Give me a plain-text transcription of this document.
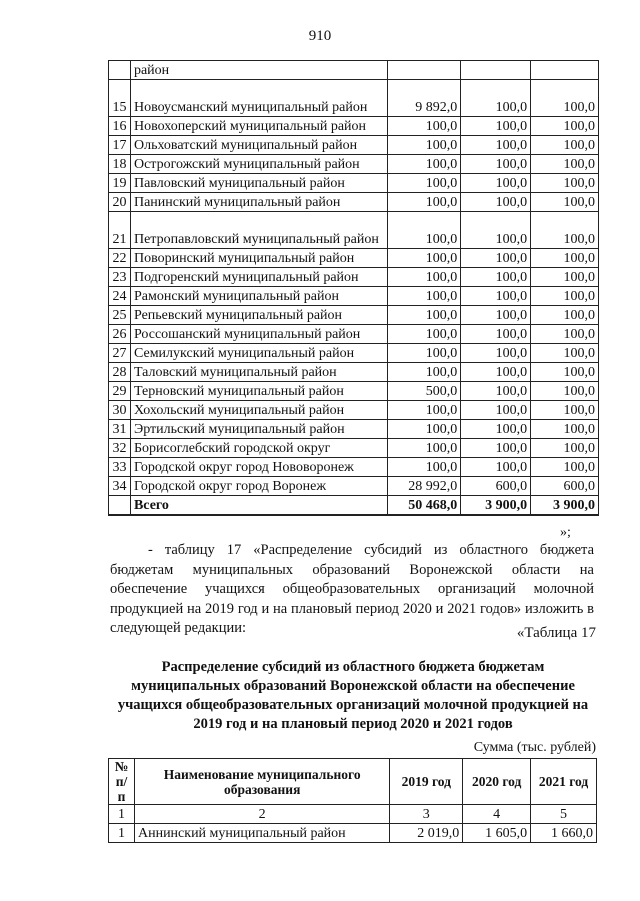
910
	район			
15	Новоусманский муниципальный район	9 892,0	100,0	100,0
16	Новохоперский муниципальный район	100,0	100,0	100,0
17	Ольховатский муниципальный район	100,0	100,0	100,0
18	Острогожский муниципальный район	100,0	100,0	100,0
19	Павловский муниципальный район	100,0	100,0	100,0
20	Панинский муниципальный район	100,0	100,0	100,0
21	Петропавловский муниципальный район	100,0	100,0	100,0
22	Поворинский муниципальный район	100,0	100,0	100,0
23	Подгоренский муниципальный район	100,0	100,0	100,0
24	Рамонский муниципальный район	100,0	100,0	100,0
25	Репьевский муниципальный район	100,0	100,0	100,0
26	Россошанский муниципальный район	100,0	100,0	100,0
27	Семилукский муниципальный район	100,0	100,0	100,0
28	Таловский муниципальный район	100,0	100,0	100,0
29	Терновский муниципальный район	500,0	100,0	100,0
30	Хохольский муниципальный район	100,0	100,0	100,0
31	Эртильский муниципальный район	100,0	100,0	100,0
32	Борисоглебский городской округ	100,0	100,0	100,0
33	Городской округ город Нововоронеж	100,0	100,0	100,0
34	Городской округ город Воронеж	28 992,0	600,0	600,0
	Всего	50 468,0	3 900,0	3 900,0
»;
- таблицу 17 «Распределение субсидий из областного бюджета бюджетам муниципальных образований Воронежской области на обеспечение учащихся общеобразовательных организаций молочной продукцией на 2019 год и на плановый период 2020 и 2021 годов» изложить в следующей редакции:	«Таблица 17
Распределение субсидий из областного бюджета бюджетам муниципальных образований Воронежской области на обеспечение учащихся общеобразовательных организаций молочной продукцией на 2019 год и на плановый период 2020 и 2021 годов
Сумма (тыс. рублей)
№ п/п	Наименование муниципального образования	2019 год	2020 год	2021 год
1	2	3	4	5
1	Аннинский муниципальный район	2 019,0	1 605,0	1 660,0
